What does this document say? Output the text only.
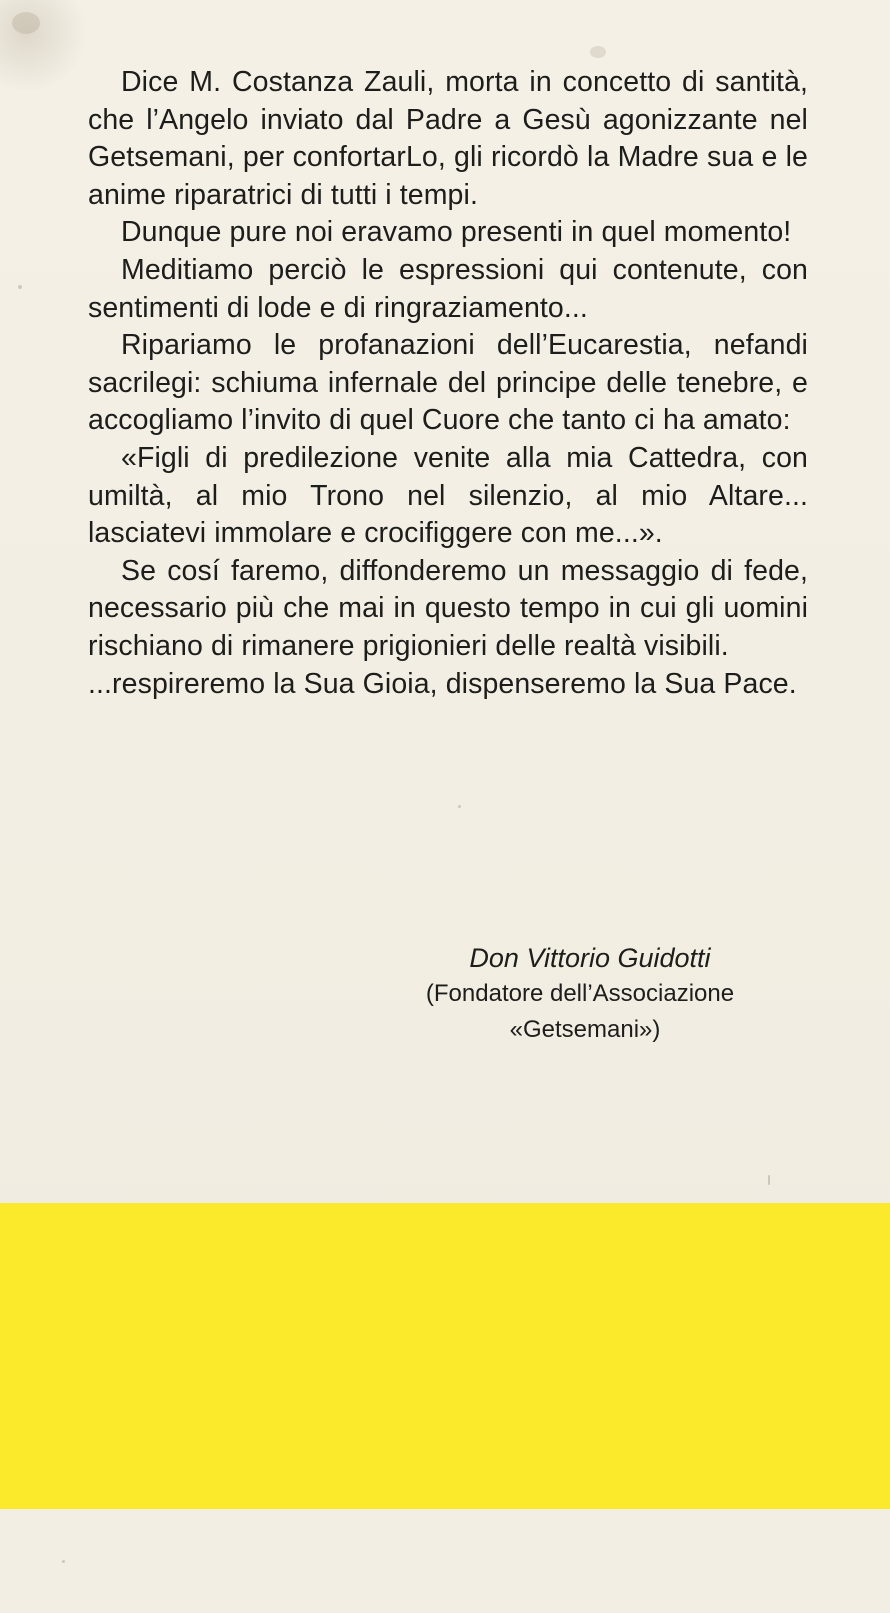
Dice M. Costanza Zauli, morta in concetto di santità, che l’Angelo inviato dal Padre a Gesù agonizzante nel Getsemani, per confortarLo, gli ricordò la Madre sua e le anime riparatrici di tutti i tempi.

Dunque pure noi eravamo presenti in quel momento!

Meditiamo perciò le espressioni qui contenute, con sentimenti di lode e di ringraziamento...

Ripariamo le profanazioni dell’Eucarestia, nefandi sacrilegi: schiuma infernale del principe delle tenebre, e accogliamo l’invito di quel Cuore che tanto ci ha amato:

«Figli di predilezione venite alla mia Cattedra, con umiltà, al mio Trono nel silenzio, al mio Altare... lasciatevi immolare e crocifiggere con me...».

Se cosí faremo, diffonderemo un messaggio di fede, necessario più che mai in questo tempo in cui gli uomini rischiano di rimanere prigionieri delle realtà visibili.

...respireremo la Sua Gioia, dispenseremo la Sua Pace.

Don Vittorio Guidotti
(Fondatore dell’Associazione
«Getsemani»)
